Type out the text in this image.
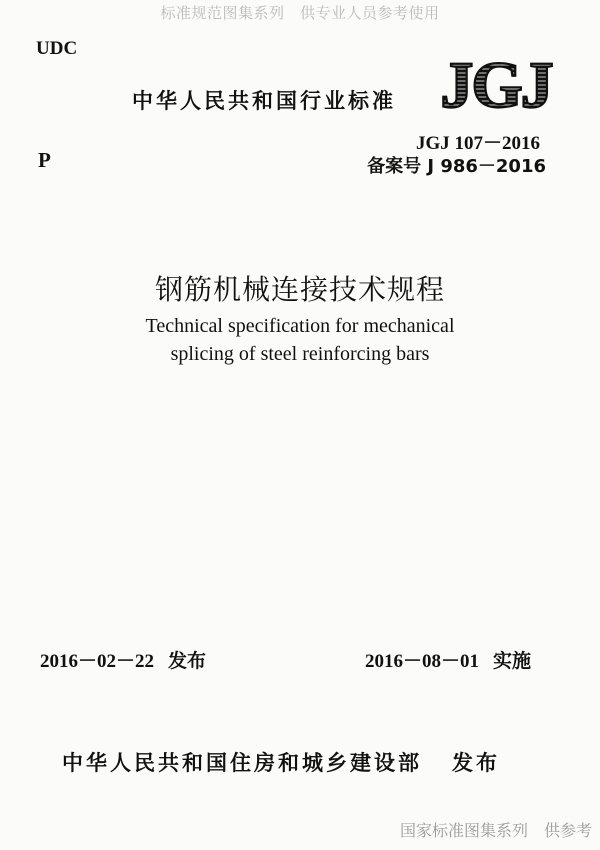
标准规范图集系列　供专业人员参考使用
UDC
P
中华人民共和国行业标准 JGJ
JGJ 107－2016
备案号 J 986－2016
钢筋机械连接技术规程
Technical specification for mechanical
splicing of steel reinforcing bars
2016－02－22 发布	2016－08－01 实施
中华人民共和国住房和城乡建设部 发布
国家标准图集系列　供参考
